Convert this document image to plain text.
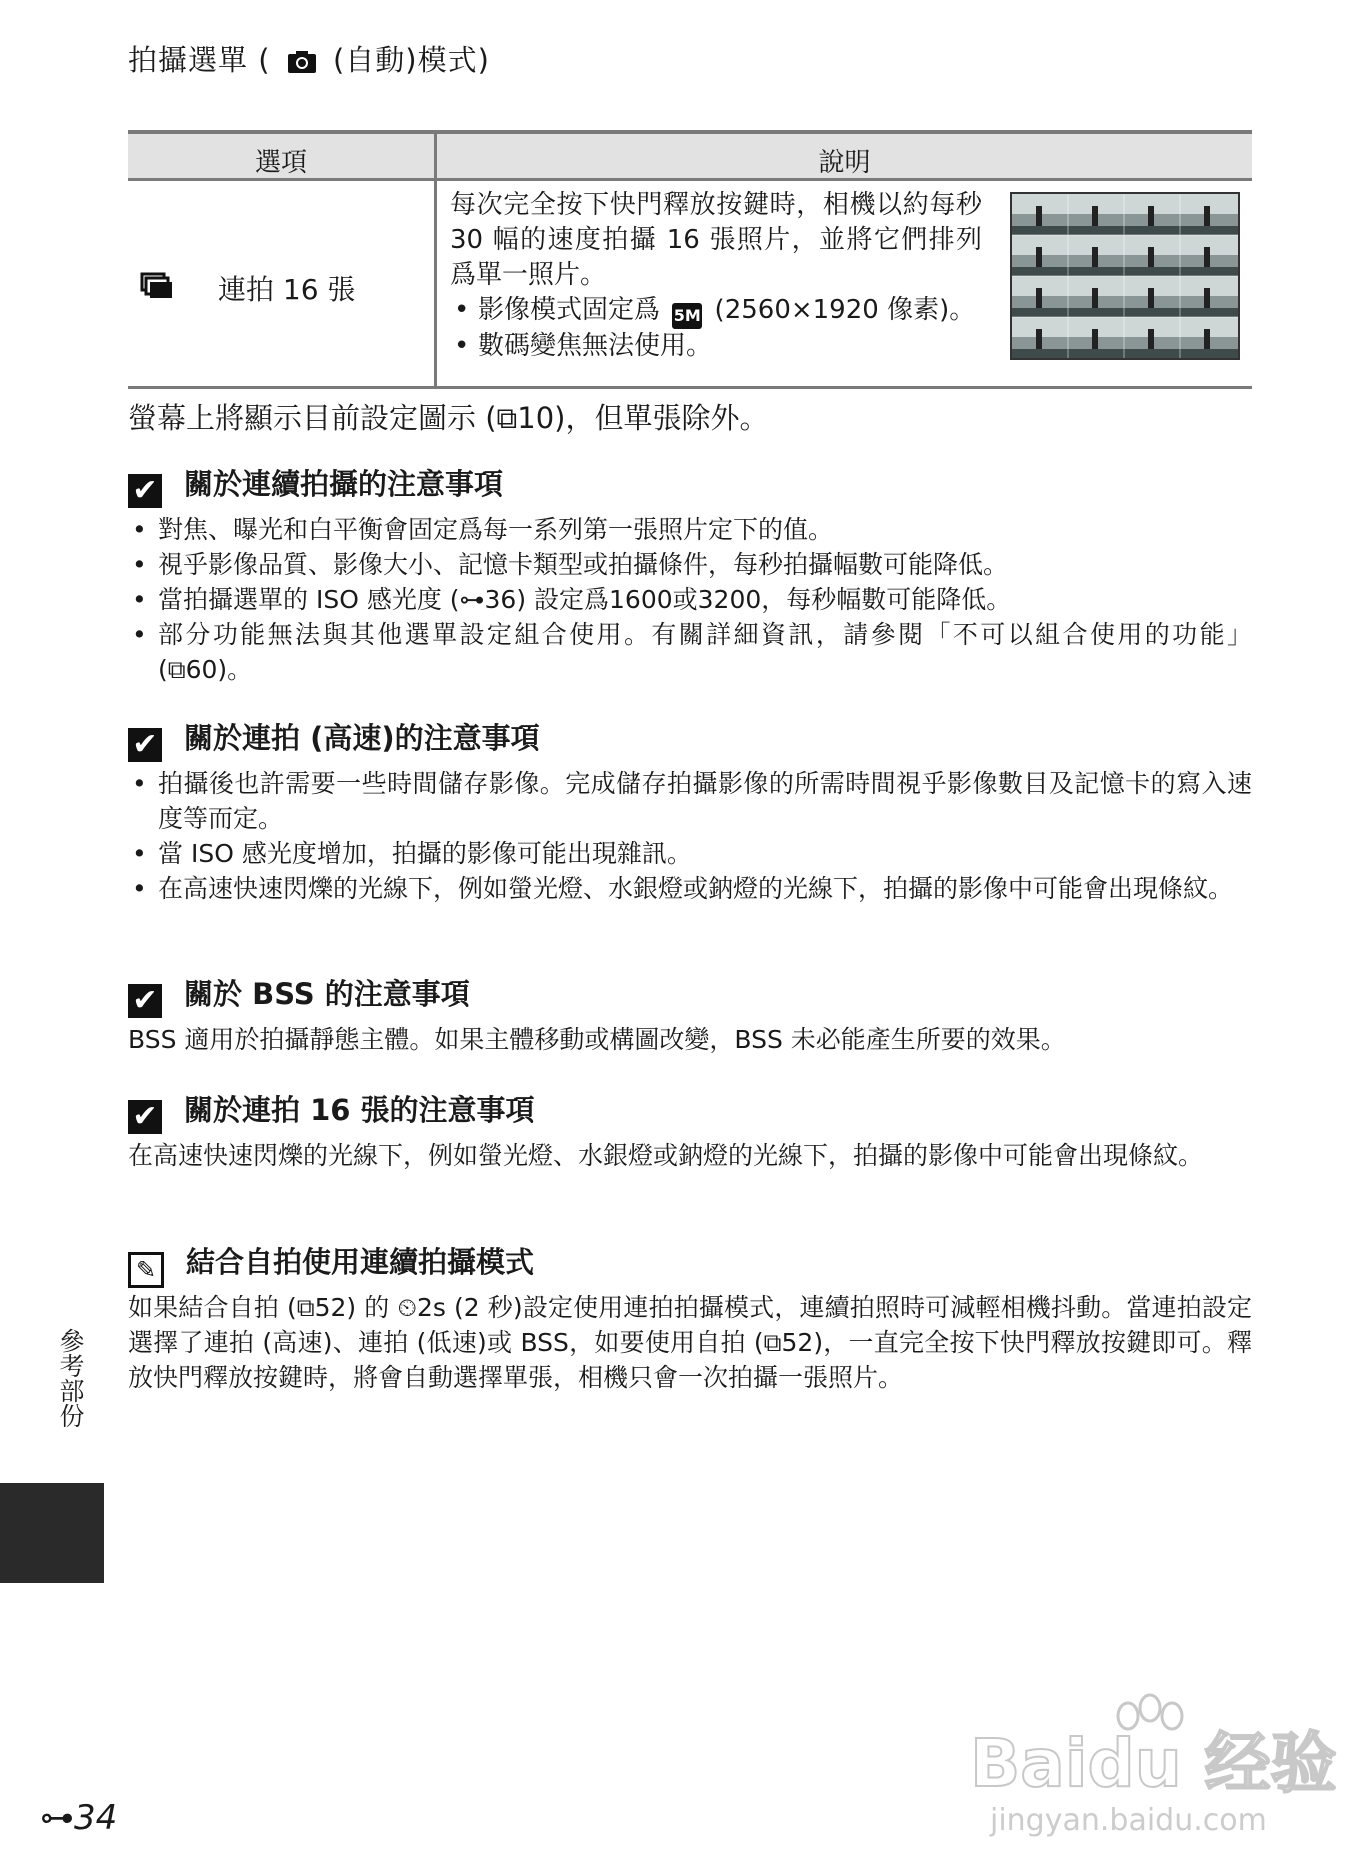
拍攝選單 ( (自動)模式)
選項	說明
連拍 16 張

每次完全按下快門釋放按鍵時，相機以約每秒 30 幅的速度拍攝 16 張照片，並將它們排列爲單一照片。

• 影像模式固定爲 5M (2560×1920 像素)。
• 數碼變焦無法使用。
螢幕上將顯示目前設定圖示 (⧉10)，但單張除外。
✔ 關於連續拍攝的注意事項
• 對焦、曝光和白平衡會固定爲每一系列第一張照片定下的值。
• 視乎影像品質、影像大小、記憶卡類型或拍攝條件，每秒拍攝幅數可能降低。
• 當拍攝選單的 ISO 感光度 (⊶36) 設定爲1600或3200，每秒幅數可能降低。
• 部分功能無法與其他選單設定組合使用。有關詳細資訊，請參閱「不可以組合使用的功能」(⧉60)。
✔ 關於連拍 (高速)的注意事項
• 拍攝後也許需要一些時間儲存影像。完成儲存拍攝影像的所需時間視乎影像數目及記憶卡的寫入速度等而定。
• 當 ISO 感光度增加，拍攝的影像可能出現雜訊。
• 在高速快速閃爍的光線下，例如螢光燈、水銀燈或鈉燈的光線下，拍攝的影像中可能會出現條紋。
✔ 關於 BSS 的注意事項

BSS 適用於拍攝靜態主體。如果主體移動或構圖改變，BSS 未必能產生所要的效果。

✔ 關於連拍 16 張的注意事項

在高速快速閃爍的光線下，例如螢光燈、水銀燈或鈉燈的光線下，拍攝的影像中可能會出現條紋。

✎ 結合自拍使用連續拍攝模式

如果結合自拍 (⧉52) 的 ⏲2s (2 秒)設定使用連拍拍攝模式，連續拍照時可減輕相機抖動。當連拍設定選擇了連拍 (高速)、連拍 (低速)或 BSS，如要使用自拍 (⧉52)，一直完全按下快門釋放按鍵即可。釋放快門釋放按鍵時，將會自動選擇單張，相機只會一次拍攝一張照片。

參考部份
⊶34
Baidu 经验
jingyan.baidu.com
